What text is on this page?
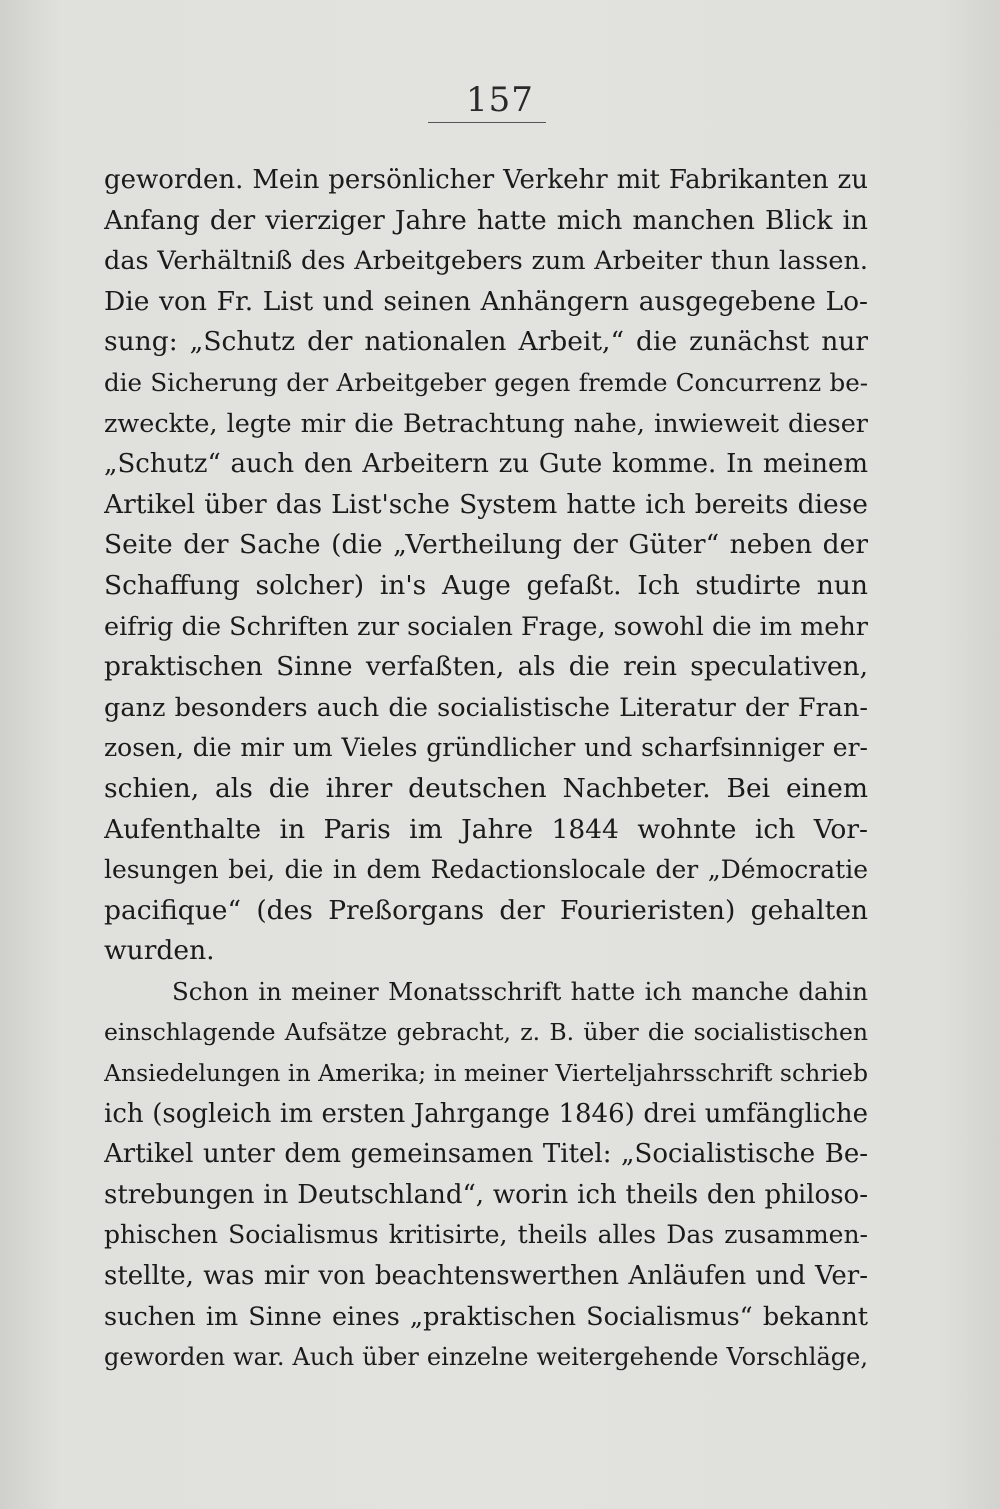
157
geworden. Mein persönlicher Verkehr mit Fabrikanten zu
Anfang der vierziger Jahre hatte mich manchen Blick in
das Verhältniß des Arbeitgebers zum Arbeiter thun lassen.
Die von Fr. List und seinen Anhängern ausgegebene Lo-
sung: „Schutz der nationalen Arbeit,“ die zunächst nur
die Sicherung der Arbeitgeber gegen fremde Concurrenz be-
zweckte, legte mir die Betrachtung nahe, inwieweit dieser
„Schutz“ auch den Arbeitern zu Gute komme. In meinem
Artikel über das List'sche System hatte ich bereits diese
Seite der Sache (die „Vertheilung der Güter“ neben der
Schaffung solcher) in's Auge gefaßt. Ich studirte nun
eifrig die Schriften zur socialen Frage, sowohl die im mehr
praktischen Sinne verfaßten, als die rein speculativen,
ganz besonders auch die socialistische Literatur der Fran-
zosen, die mir um Vieles gründlicher und scharfsinniger er-
schien, als die ihrer deutschen Nachbeter. Bei einem
Aufenthalte in Paris im Jahre 1844 wohnte ich Vor-
lesungen bei, die in dem Redactionslocale der „Démocratie
pacifique“ (des Preßorgans der Fourieristen) gehalten
wurden.
Schon in meiner Monatsschrift hatte ich manche dahin
einschlagende Aufsätze gebracht, z. B. über die socialistischen
Ansiedelungen in Amerika; in meiner Vierteljahrsschrift schrieb
ich (sogleich im ersten Jahrgange 1846) drei umfängliche
Artikel unter dem gemeinsamen Titel: „Socialistische Be-
strebungen in Deutschland“, worin ich theils den philoso-
phischen Socialismus kritisirte, theils alles Das zusammen-
stellte, was mir von beachtenswerthen Anläufen und Ver-
suchen im Sinne eines „praktischen Socialismus“ bekannt
geworden war. Auch über einzelne weitergehende Vorschläge,
